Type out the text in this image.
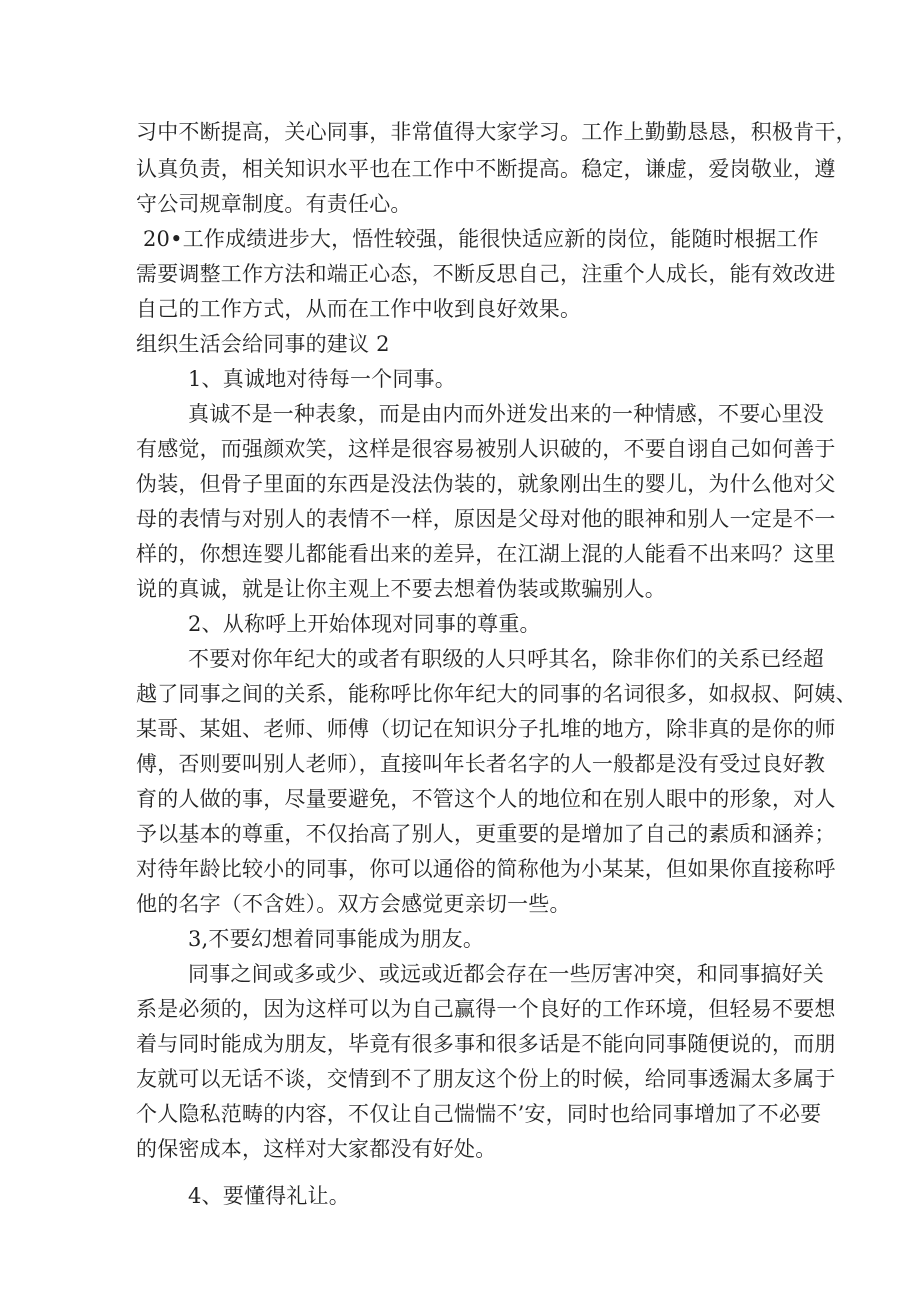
习中不断提高，关心同事，非常值得大家学习。工作上勤勤恳恳，积极肯干，
认真负责，相关知识水平也在工作中不断提高。稳定，谦虚，爱岗敬业，遵
守公司规章制度。有责任心。
20•工作成绩进步大，悟性较强，能很快适应新的岗位，能随时根据工作
需要调整工作方法和端正心态，不断反思自己，注重个人成长，能有效改进
自己的工作方式，从而在工作中收到良好效果。
组织生活会给同事的建议 2
1、真诚地对待每一个同事。
真诚不是一种表象，而是由内而外迸发出来的一种情感，不要心里没
有感觉，而强颜欢笑，这样是很容易被别人识破的，不要自诩自己如何善于
伪装，但骨子里面的东西是没法伪装的，就象刚出生的婴儿，为什么他对父
母的表情与对别人的表情不一样，原因是父母对他的眼神和别人一定是不一
样的，你想连婴儿都能看出来的差异，在江湖上混的人能看不出来吗？这里
说的真诚，就是让你主观上不要去想着伪装或欺骗别人。
2、从称呼上开始体现对同事的尊重。
不要对你年纪大的或者有职级的人只呼其名，除非你们的关系已经超
越了同事之间的关系，能称呼比你年纪大的同事的名词很多，如叔叔、阿姨、
某哥、某姐、老师、师傅（切记在知识分子扎堆的地方，除非真的是你的师
傅，否则要叫别人老师），直接叫年长者名字的人一般都是没有受过良好教
育的人做的事，尽量要避免，不管这个人的地位和在别人眼中的形象，对人
予以基本的尊重，不仅抬高了别人，更重要的是增加了自己的素质和涵养；
对待年龄比较小的同事，你可以通俗的简称他为小某某，但如果你直接称呼
他的名字（不含姓）。双方会感觉更亲切一些。
3,不要幻想着同事能成为朋友。
同事之间或多或少、或远或近都会存在一些厉害冲突，和同事搞好关
系是必须的，因为这样可以为自己赢得一个良好的工作环境，但轻易不要想
着与同时能成为朋友，毕竟有很多事和很多话是不能向同事随便说的，而朋
友就可以无话不谈，交情到不了朋友这个份上的时候，给同事透漏太多属于
个人隐私范畴的内容，不仅让自己惴惴不’安，同时也给同事增加了不必要
的保密成本，这样对大家都没有好处。
4、要懂得礼让。
